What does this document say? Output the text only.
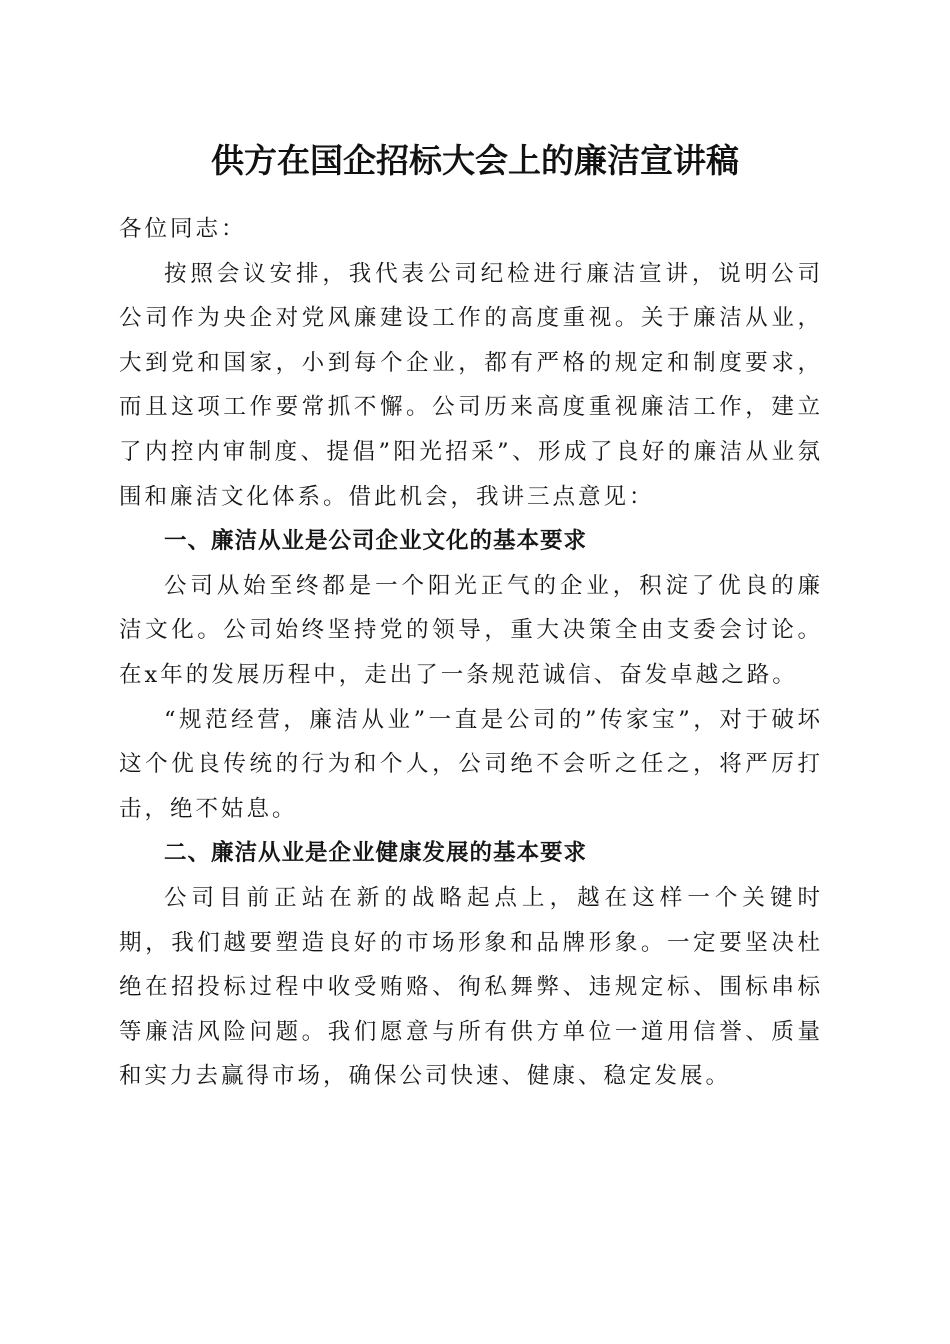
供方在国企招标大会上的廉洁宣讲稿

各位同志：

按照会议安排，我代表公司纪检进行廉洁宣讲，说明公司公司作为央企对党风廉建设工作的高度重视。关于廉洁从业，大到党和国家，小到每个企业，都有严格的规定和制度要求，而且这项工作要常抓不懈。公司历来高度重视廉洁工作，建立了内控内审制度、提倡”阳光招采”、形成了良好的廉洁从业氛围和廉洁文化体系。借此机会，我讲三点意见：

一、廉洁从业是公司企业文化的基本要求

公司从始至终都是一个阳光正气的企业，积淀了优良的廉洁文化。公司始终坚持党的领导，重大决策全由支委会讨论。在x年的发展历程中，走出了一条规范诚信、奋发卓越之路。

“规范经营，廉洁从业”一直是公司的”传家宝”，对于破坏这个优良传统的行为和个人，公司绝不会听之任之，将严厉打击，绝不姑息。

二、廉洁从业是企业健康发展的基本要求

公司目前正站在新的战略起点上，越在这样一个关键时期，我们越要塑造良好的市场形象和品牌形象。一定要坚决杜绝在招投标过程中收受贿赂、徇私舞弊、违规定标、围标串标等廉洁风险问题。我们愿意与所有供方单位一道用信誉、质量和实力去赢得市场，确保公司快速、健康、稳定发展。
